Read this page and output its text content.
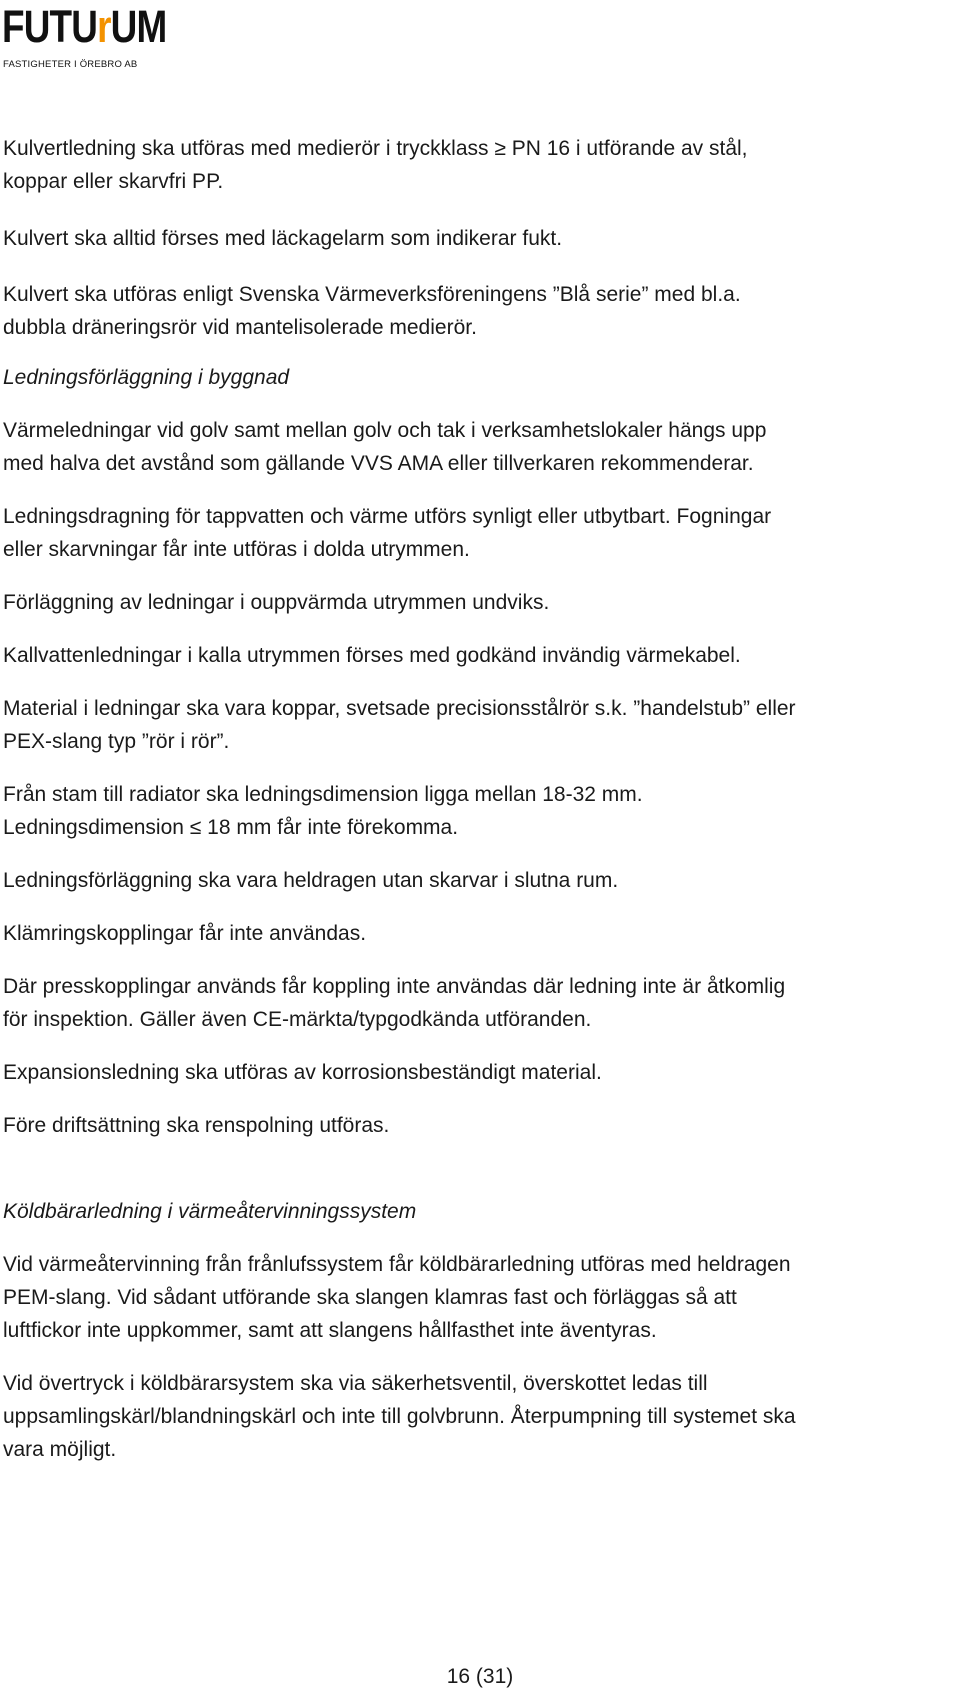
FUTUrUM
FASTIGHETER I ÖREBRO AB

Kulvertledning ska utföras med medierör i tryckklass ≥ PN 16 i utförande av stål,

koppar eller skarvfri PP.

Kulvert ska alltid förses med läckagelarm som indikerar fukt.

Kulvert ska utföras enligt Svenska Värmeverksföreningens ”Blå serie” med bl.a.

dubbla dräneringsrör vid mantelisolerade medierör.

Ledningsförläggning i byggnad

Värmeledningar vid golv samt mellan golv och tak i verksamhetslokaler hängs upp

med halva det avstånd som gällande VVS AMA eller tillverkaren rekommenderar.

Ledningsdragning för tappvatten och värme utförs synligt eller utbytbart. Fogningar

eller skarvningar får inte utföras i dolda utrymmen.

Förläggning av ledningar i ouppvärmda utrymmen undviks.

Kallvattenledningar i kalla utrymmen förses med godkänd invändig värmekabel.

Material i ledningar ska vara koppar, svetsade precisionsstålrör s.k. ”handelstub” eller

PEX-slang typ ”rör i rör”.

Från stam till radiator ska ledningsdimension ligga mellan 18-32 mm.

Ledningsdimension ≤ 18 mm får inte förekomma.

Ledningsförläggning ska vara heldragen utan skarvar i slutna rum.

Klämringskopplingar får inte användas.

Där presskopplingar används får koppling inte användas där ledning inte är åtkomlig

för inspektion. Gäller även CE-märkta/typgodkända utföranden.

Expansionsledning ska utföras av korrosionsbeständigt material.

Före driftsättning ska renspolning utföras.

Köldbärarledning i värmeåtervinningssystem

Vid värmeåtervinning från frånlufssystem får köldbärarledning utföras med heldragen

PEM-slang. Vid sådant utförande ska slangen klamras fast och förläggas så att

luftfickor inte uppkommer, samt att slangens hållfasthet inte äventyras.

Vid övertryck i köldbärarsystem ska via säkerhetsventil, överskottet ledas till

uppsamlingskärl/blandningskärl och inte till golvbrunn. Återpumpning till systemet ska

vara möjligt.

16 (31)
